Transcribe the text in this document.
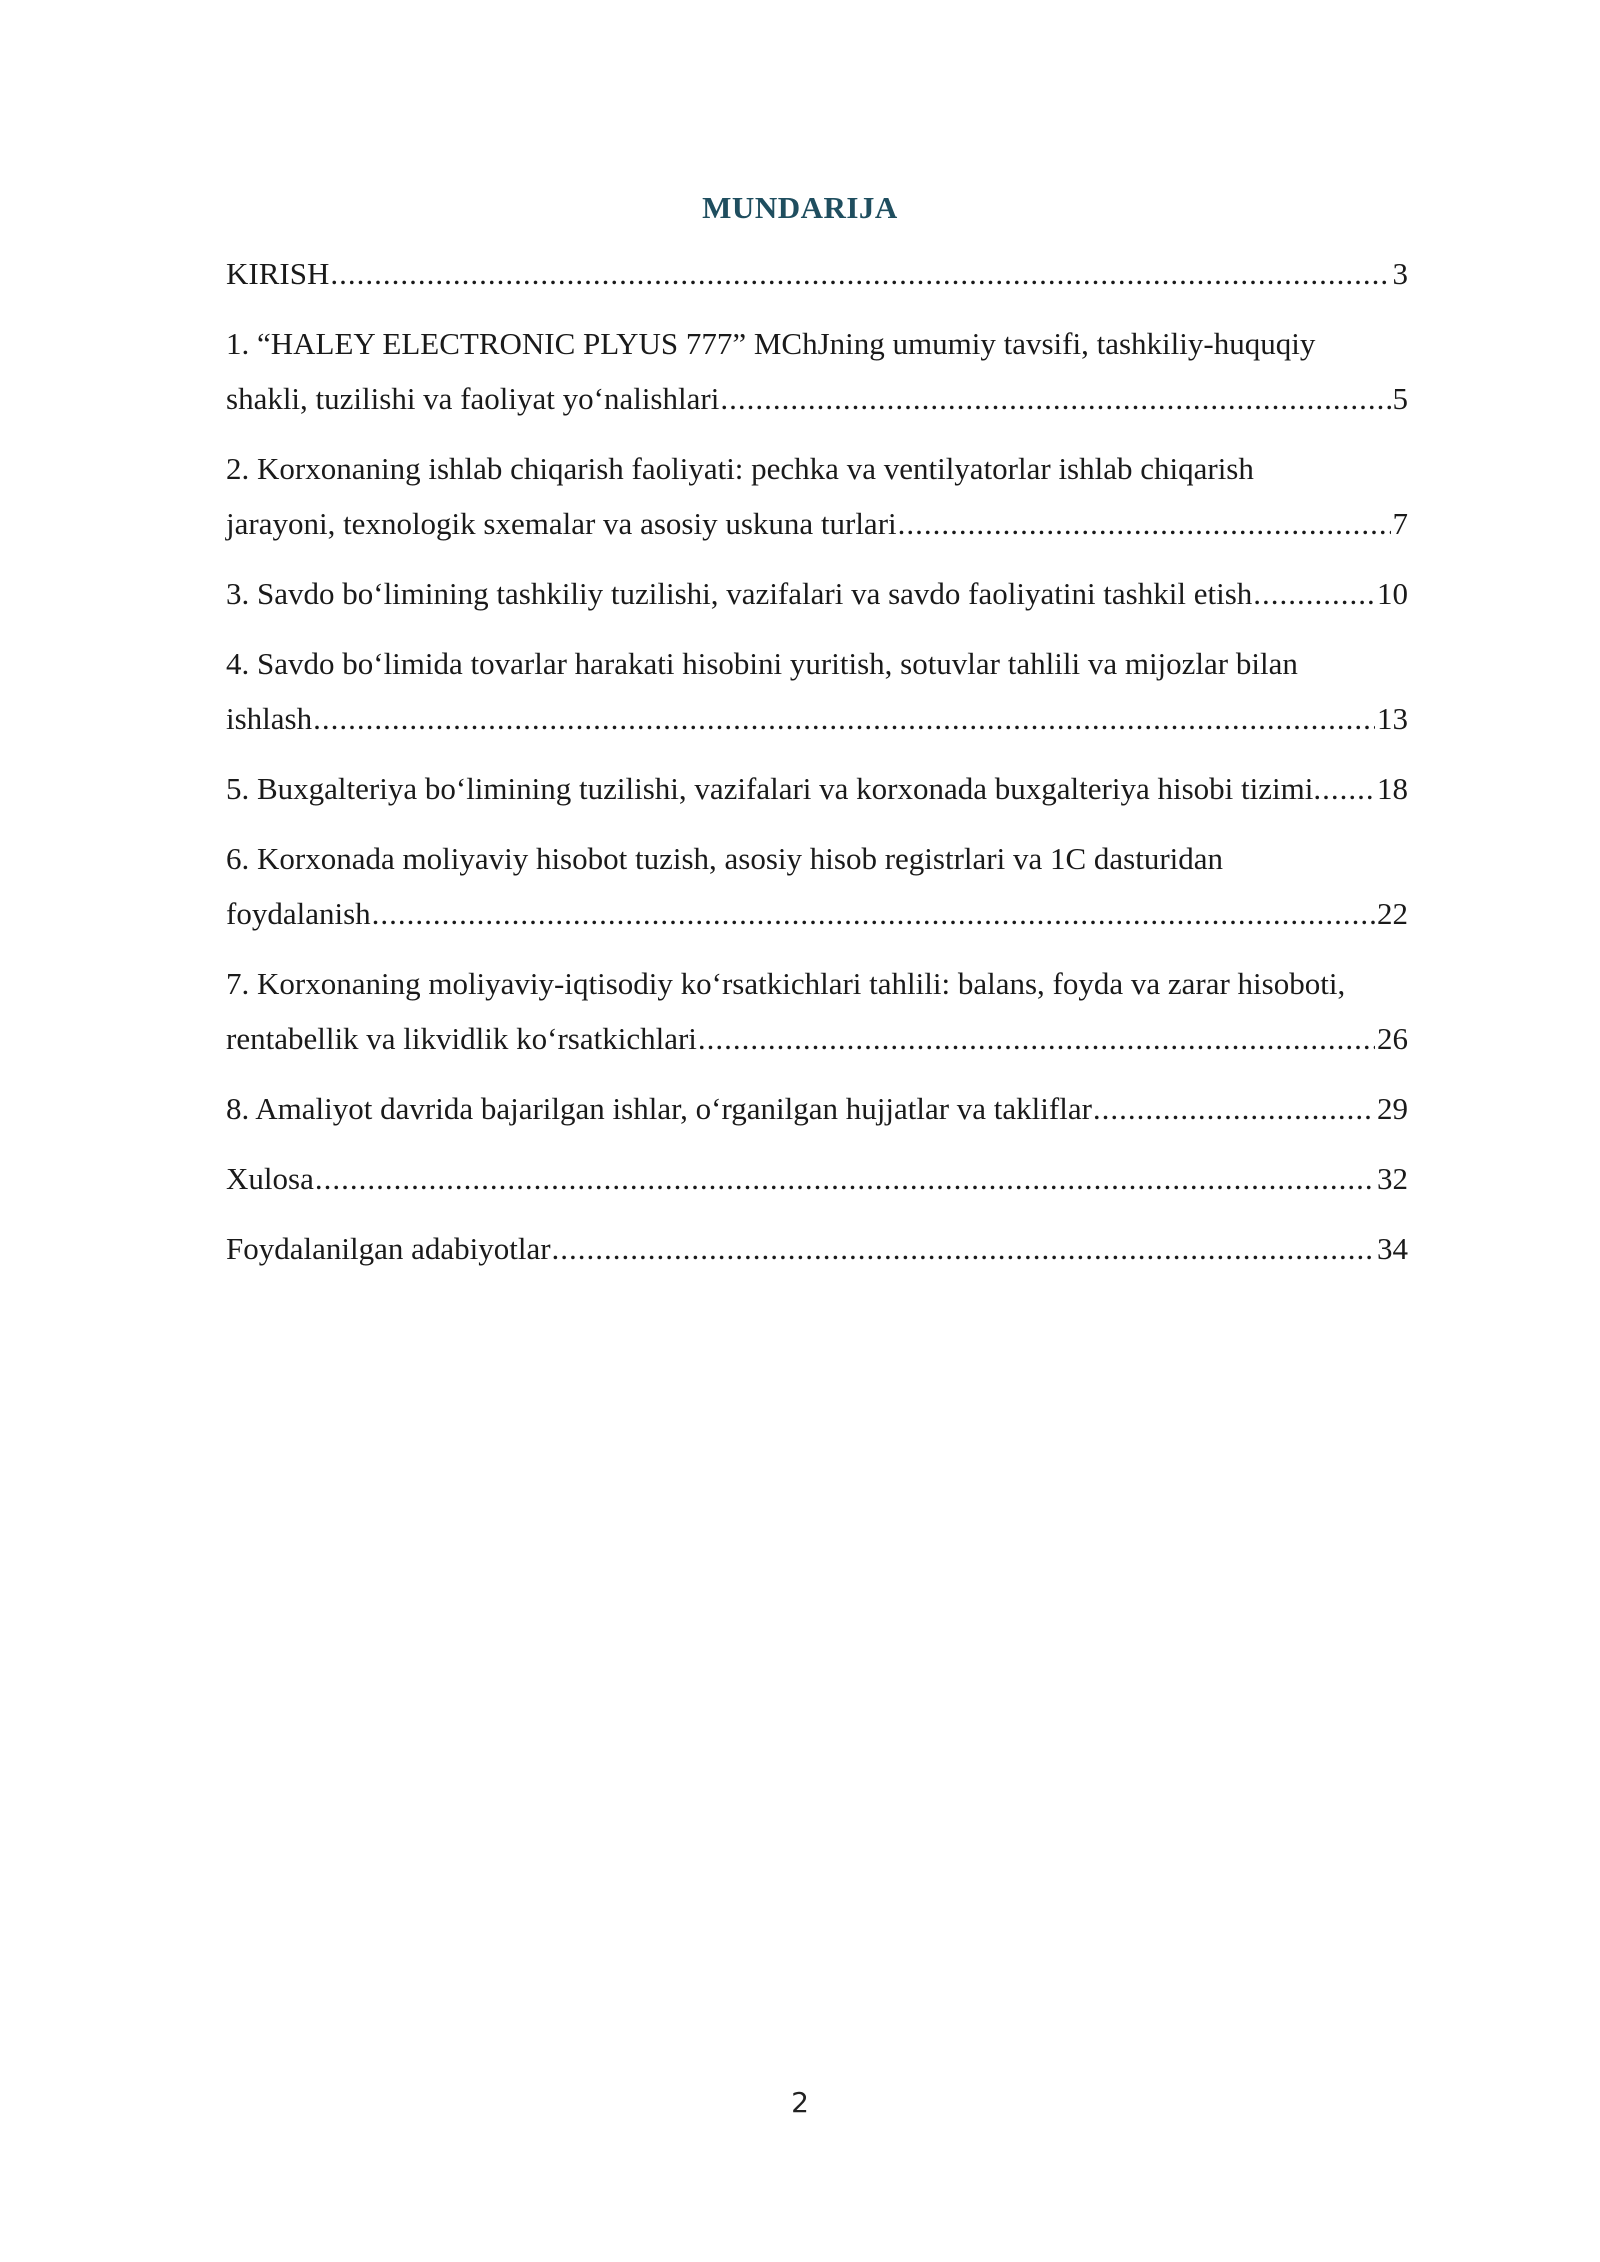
MUNDARIJA
KIRISH .....	3
1. “HALEY ELECTRONIC PLYUS 777” MChJning umumiy tavsifi, tashkiliy-huquqiy
shakli, tuzilishi va faoliyat yo‘nalishlari .....	5
2. Korxonaning ishlab chiqarish faoliyati: pechka va ventilyatorlar ishlab chiqarish
jarayoni, texnologik sxemalar va asosiy uskuna turlari .....	7
3. Savdo bo‘limining tashkiliy tuzilishi, vazifalari va savdo faoliyatini tashkil etish .....	10
4. Savdo bo‘limida tovarlar harakati hisobini yuritish, sotuvlar tahlili va mijozlar bilan
ishlash .....	13
5. Buxgalteriya bo‘limining tuzilishi, vazifalari va korxonada buxgalteriya hisobi tizimi. ..... 18
6. Korxonada moliyaviy hisobot tuzish, asosiy hisob registrlari va 1C dasturidan
foydalanish .....	22
7. Korxonaning moliyaviy-iqtisodiy ko‘rsatkichlari tahlili: balans, foyda va zarar hisoboti,
rentabellik va likvidlik ko‘rsatkichlari .....	26
8. Amaliyot davrida bajarilgan ishlar, o‘rganilgan hujjatlar va takliflar .....	29
Xulosa .....	32
Foydalanilgan adabiyotlar .....	34
2
